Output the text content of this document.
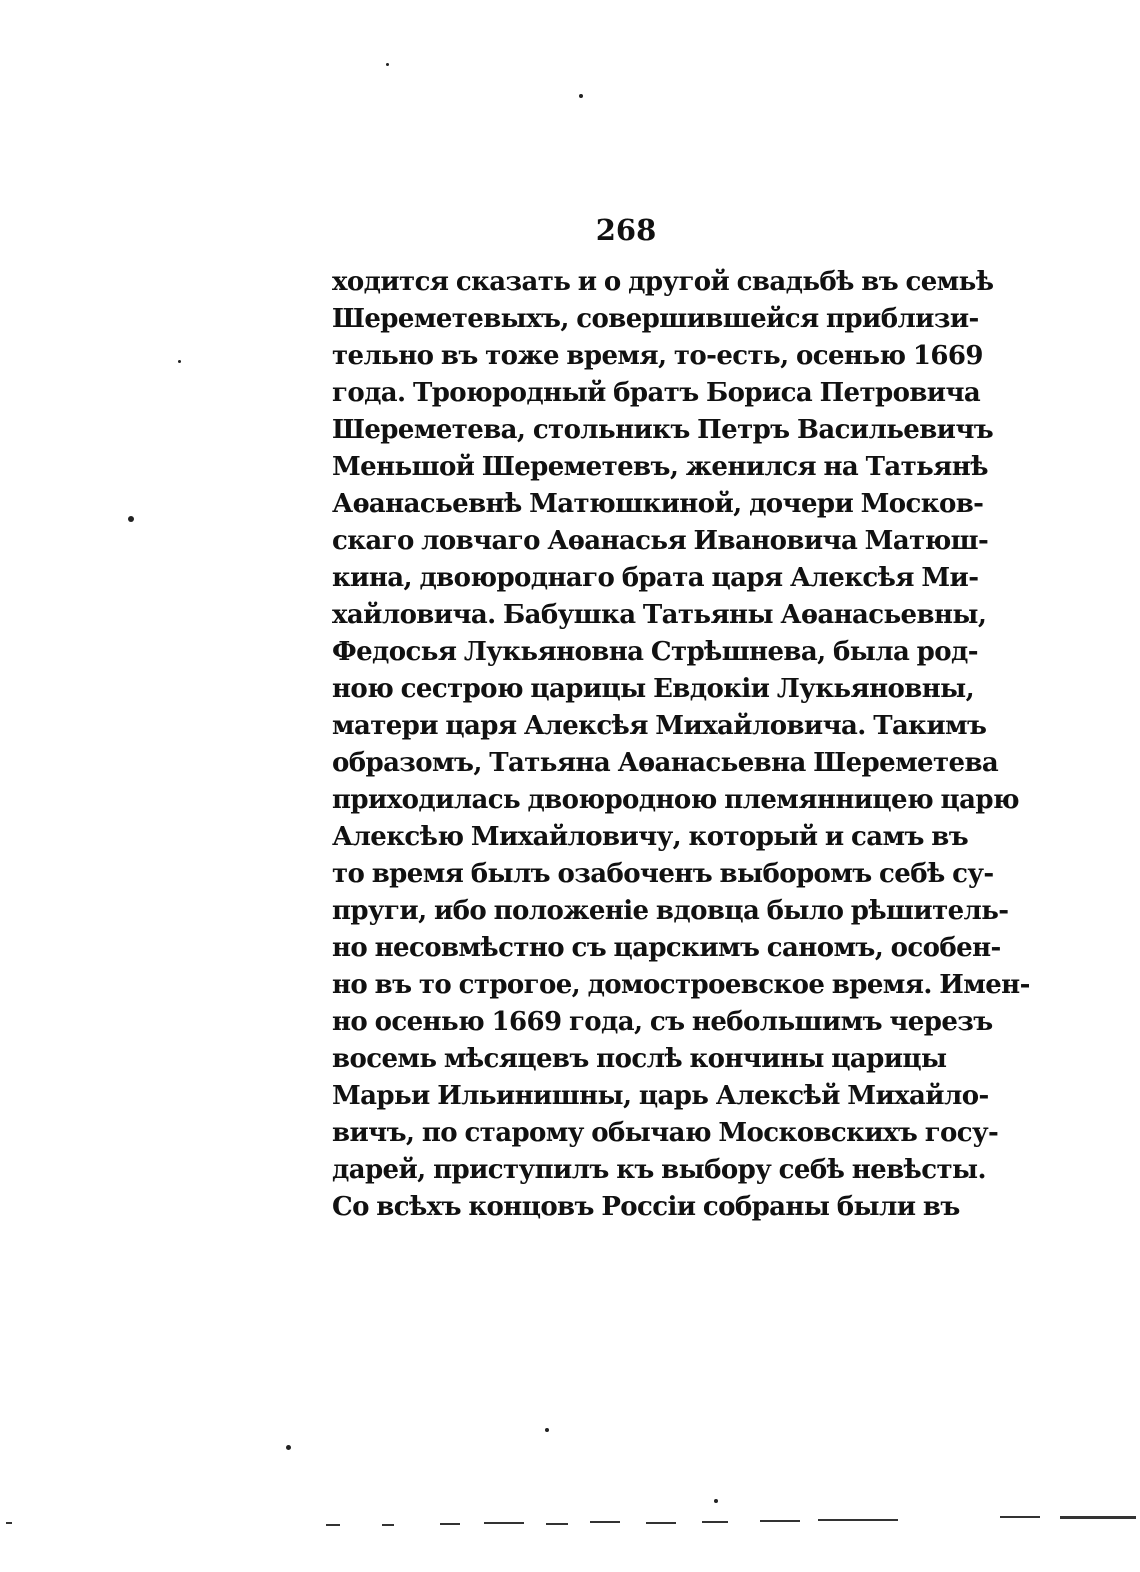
268
ходится сказать и о другой свадьбѣ въ семьѣ
Шереметевыхъ, совершившейся приблизи-
тельно въ тоже время, то-есть, осенью 1669
года. Троюродный братъ Бориса Петровича
Шереметева, стольникъ Петръ Васильевичъ
Меньшой Шереметевъ, женился на Татьянѣ
Аѳанасьевнѣ Матюшкиной, дочери Москов-
скаго ловчаго Аѳанасья Ивановича Матюш-
кина, двоюроднаго брата царя Алексѣя Ми-
хайловича. Бабушка Татьяны Аѳанасьевны,
Федосья Лукьяновна Стрѣшнева, была род-
ною сестрою царицы Евдокіи Лукьяновны,
матери царя Алексѣя Михайловича. Такимъ
образомъ, Татьяна Аѳанасьевна Шереметева
приходилась двоюродною племянницею царю
Алексѣю Михайловичу, который и самъ въ
то время былъ озабоченъ выборомъ себѣ су-
пруги, ибо положеніе вдовца было рѣшитель-
но несовмѣстно съ царскимъ саномъ, особен-
но въ то строгое, домостроевское время. Имен-
но осенью 1669 года, съ небольшимъ черезъ
восемь мѣсяцевъ послѣ кончины царицы
Марьи Ильинишны, царь Алексѣй Михайло-
вичъ, по старому обычаю Московскихъ госу-
дарей, приступилъ къ выбору себѣ невѣсты.
Со всѣхъ концовъ Россіи собраны были въ
